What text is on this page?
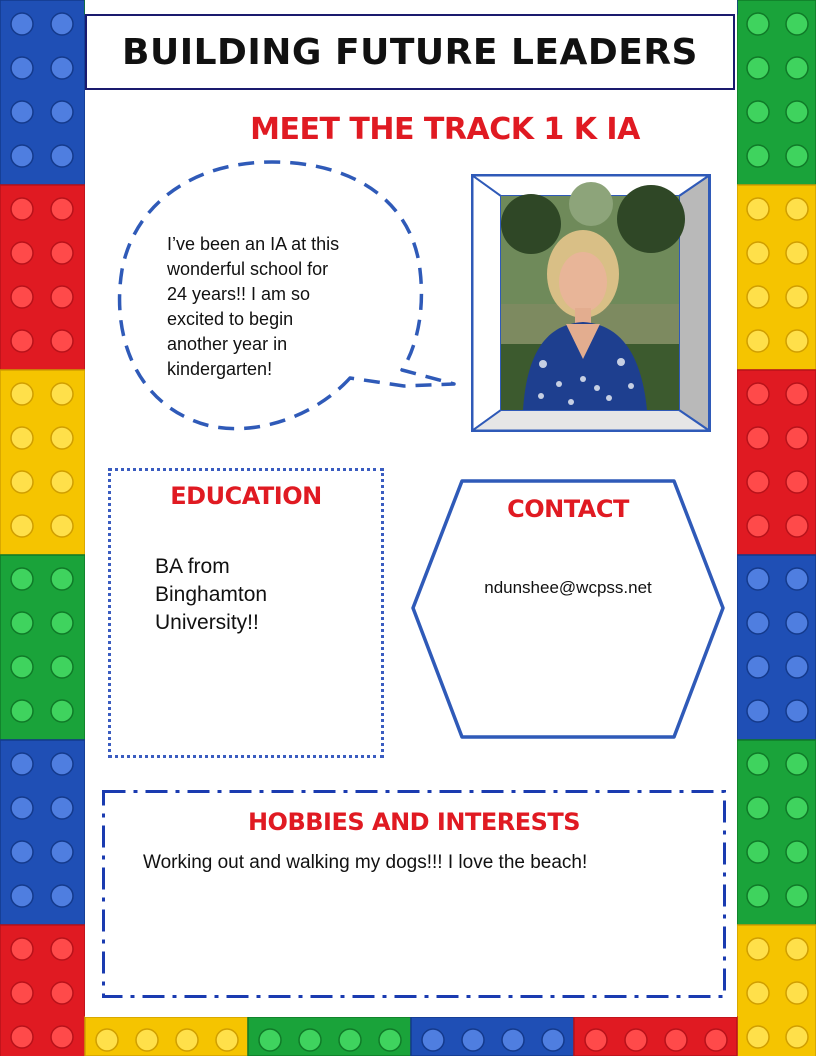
BUILDING FUTURE LEADERS
MEET THE TRACK 1 K IA
I’ve been an IA at this
wonderful school for
24 years!! I am so
excited to begin
another year in
kindergarten!
EDUCATION
BA from
Binghamton
University!!
CONTACT
ndunshee@wcpss.net
HOBBIES AND INTERESTS
Working out and walking my dogs!!! I love the beach!
